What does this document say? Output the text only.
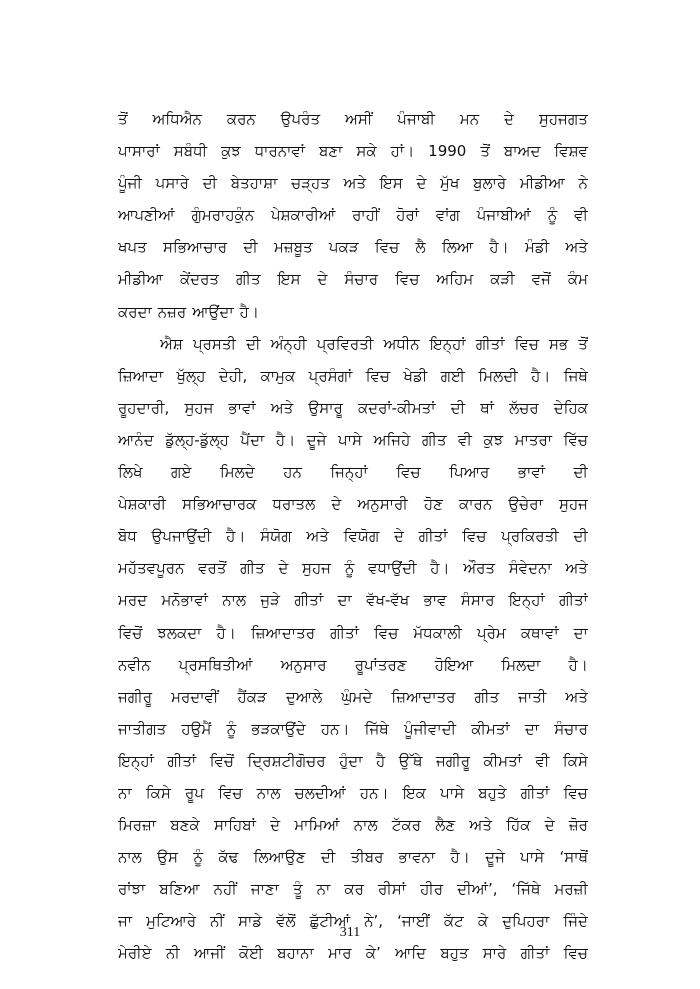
ਤੋਂ ਅਧਿਐਨ ਕਰਨ ਉਪਰੰਤ ਅਸੀਂ ਪੰਜਾਬੀ ਮਨ ਦੇ ਸੁਹਜਗਤ
ਪਾਸਾਰਾਂ ਸਬੰਧੀ ਕੁਝ ਧਾਰਨਾਵਾਂ ਬਣਾ ਸਕੇ ਹਾਂ। 1990 ਤੋਂ ਬਾਅਦ ਵਿਸ਼ਵ
ਪੂੰਜੀ ਪਸਾਰੇ ਦੀ ਬੇਤਹਾਸ਼ਾ ਚੜ੍ਹਤ ਅਤੇ ਇਸ ਦੇ ਮੁੱਖ ਬੁਲਾਰੇ ਮੀਡੀਆ ਨੇ
ਆਪਣੀਆਂ ਗੁੰਮਰਾਹਕੁੰਨ ਪੇਸ਼ਕਾਰੀਆਂ ਰਾਹੀਂ ਹੋਰਾਂ ਵਾਂਗ ਪੰਜਾਬੀਆਂ ਨੂੰ ਵੀ
ਖਪਤ ਸਭਿਆਚਾਰ ਦੀ ਮਜ਼ਬੂਤ ਪਕੜ ਵਿਚ ਲੈ ਲਿਆ ਹੈ। ਮੰਡੀ ਅਤੇ
ਮੀਡੀਆ ਕੇਂਦਰਤ ਗੀਤ ਇਸ ਦੇ ਸੰਚਾਰ ਵਿਚ ਅਹਿਮ ਕੜੀ ਵਜੋਂ ਕੰਮ
ਕਰਦਾ ਨਜ਼ਰ ਆਉਂਦਾ ਹੈ।
ਐਸ਼ ਪ੍ਰਸਤੀ ਦੀ ਅੰਨ੍ਹੀ ਪ੍ਰਵਿਰਤੀ ਅਧੀਨ ਇਨ੍ਹਾਂ ਗੀਤਾਂ ਵਿਚ ਸਭ ਤੋਂ
ਜ਼ਿਆਦਾ ਖੁੱਲ੍ਹ ਦੇਹੀ, ਕਾਮੁਕ ਪ੍ਰਸੰਗਾਂ ਵਿਚ ਖੇਡੀ ਗਈ ਮਿਲਦੀ ਹੈ। ਜਿਥੇ
ਰੂਹਦਾਰੀ, ਸੁਹਜ ਭਾਵਾਂ ਅਤੇ ਉਸਾਰੂ ਕਦਰਾਂ-ਕੀਮਤਾਂ ਦੀ ਥਾਂ ਲੱਚਰ ਦੇਹਿਕ
ਆਨੰਦ ਡੁੱਲ੍ਹ-ਡੁੱਲ੍ਹ ਪੈਂਦਾ ਹੈ। ਦੂਜੇ ਪਾਸੇ ਅਜਿਹੇ ਗੀਤ ਵੀ ਕੁਝ ਮਾਤਰਾ ਵਿੱਚ
ਲਿਖੇ ਗਏ ਮਿਲਦੇ ਹਨ ਜਿਨ੍ਹਾਂ ਵਿਚ ਪਿਆਰ ਭਾਵਾਂ ਦੀ
ਪੇਸ਼ਕਾਰੀ ਸਭਿਆਚਾਰਕ ਧਰਾਤਲ ਦੇ ਅਨੁਸਾਰੀ ਹੋਣ ਕਾਰਨ ਉਚੇਰਾ ਸੁਹਜ
ਬੋਧ ਉਪਜਾਉਂਦੀ ਹੈ। ਸੰਯੋਗ ਅਤੇ ਵਿਯੋਗ ਦੇ ਗੀਤਾਂ ਵਿਚ ਪ੍ਰਕਿਰਤੀ ਦੀ
ਮਹੱਤਵਪੂਰਨ ਵਰਤੋਂ ਗੀਤ ਦੇ ਸੁਹਜ ਨੂੰ ਵਧਾਉਂਦੀ ਹੈ। ਔਰਤ ਸੰਵੇਦਨਾ ਅਤੇ
ਮਰਦ ਮਨੋਭਾਵਾਂ ਨਾਲ ਜੁੜੇ ਗੀਤਾਂ ਦਾ ਵੱਖ-ਵੱਖ ਭਾਵ ਸੰਸਾਰ ਇਨ੍ਹਾਂ ਗੀਤਾਂ
ਵਿਚੋਂ ਝਲਕਦਾ ਹੈ। ਜ਼ਿਆਦਾਤਰ ਗੀਤਾਂ ਵਿਚ ਮੱਧਕਾਲੀ ਪ੍ਰੇਮ ਕਥਾਵਾਂ ਦਾ
ਨਵੀਨ ਪ੍ਰਸਥਿਤੀਆਂ ਅਨੁਸਾਰ ਰੂਪਾਂਤਰਣ ਹੋਇਆ ਮਿਲਦਾ ਹੈ।
ਜਗੀਰੂ ਮਰਦਾਵੀਂ ਹੈਂਕੜ ਦੁਆਲੇ ਘੁੰਮਦੇ ਜ਼ਿਆਦਾਤਰ ਗੀਤ ਜਾਤੀ ਅਤੇ
ਜਾਤੀਗਤ ਹਉਮੈਂ ਨੂੰ ਭੜਕਾਉਂਦੇ ਹਨ। ਜਿੱਥੇ ਪੂੰਜੀਵਾਦੀ ਕੀਮਤਾਂ ਦਾ ਸੰਚਾਰ
ਇਨ੍ਹਾਂ ਗੀਤਾਂ ਵਿਚੋਂ ਦ੍ਰਿਸ਼ਟੀਗੋਚਰ ਹੁੰਦਾ ਹੈ ਉੱਥੇ ਜਗੀਰੂ ਕੀਮਤਾਂ ਵੀ ਕਿਸੇ
ਨਾ ਕਿਸੇ ਰੂਪ ਵਿਚ ਨਾਲ ਚਲਦੀਆਂ ਹਨ। ਇਕ ਪਾਸੇ ਬਹੁਤੇ ਗੀਤਾਂ ਵਿਚ
ਮਿਰਜ਼ਾ ਬਣਕੇ ਸਾਹਿਬਾਂ ਦੇ ਮਾਮਿਆਂ ਨਾਲ ਟੱਕਰ ਲੈਣ ਅਤੇ ਹਿੱਕ ਦੇ ਜ਼ੋਰ
ਨਾਲ ਉਸ ਨੂੰ ਕੱਢ ਲਿਆਉਣ ਦੀ ਤੀਬਰ ਭਾਵਨਾ ਹੈ। ਦੂਜੇ ਪਾਸੇ ‘ਸਾਥੋਂ
ਰਾਂਝਾ ਬਣਿਆ ਨਹੀਂ ਜਾਣਾ ਤੂੰ ਨਾ ਕਰ ਰੀਸਾਂ ਹੀਰ ਦੀਆਂ’, ‘ਜਿੱਥੇ ਮਰਜ਼ੀ
ਜਾ ਮੁਟਿਆਰੇ ਨੀਂ ਸਾਡੇ ਵੱਲੋਂ ਛੁੱਟੀਆਂ ਨੇ’, ‘ਜਾਈਂ ਕੱਟ ਕੇ ਦੁਪਿਹਰਾ ਜਿੰਦੇ
ਮੇਰੀਏ ਨੀ ਆਜੀਂ ਕੋਈ ਬਹਾਨਾ ਮਾਰ ਕੇ’ ਆਦਿ ਬਹੁਤ ਸਾਰੇ ਗੀਤਾਂ ਵਿਚ
311
